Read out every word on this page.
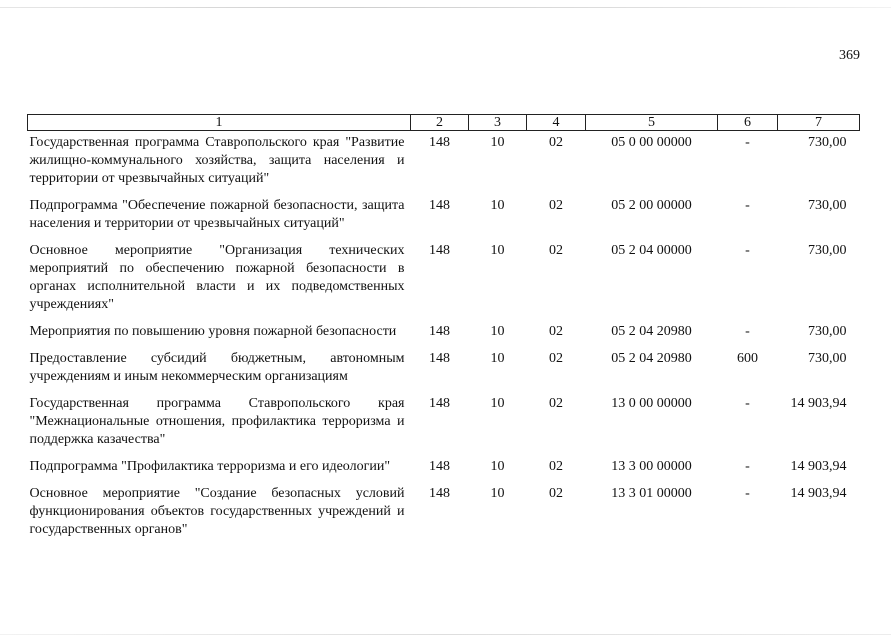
369
1	2	3	4	5	6	7
Государственная программа Ставропольского края "Развитие жилищно-коммунального хозяйства, защита населения и территории от чрезвычайных ситуаций"	148	10	02	05 0 00 00000	-	730,00
Подпрограмма "Обеспечение пожарной безопасности, защита населения и территории от чрезвычайных ситуаций"	148	10	02	05 2 00 00000	-	730,00
Основное мероприятие "Организация технических мероприятий по обеспечению пожарной безопасности в органах исполнительной власти и их подведомственных учреждениях"	148	10	02	05 2 04 00000	-	730,00
Мероприятия по повышению уровня пожарной безопасности	148	10	02	05 2 04 20980	-	730,00
Предоставление субсидий бюджетным, автономным учреждениям и иным некоммерческим организациям	148	10	02	05 2 04 20980	600	730,00
Государственная программа Ставропольского края "Межнациональные отношения, профилактика терроризма и поддержка казачества"	148	10	02	13 0 00 00000	-	14 903,94
Подпрограмма "Профилактика терроризма и его идеологии"	148	10	02	13 3 00 00000	-	14 903,94
Основное мероприятие "Создание безопасных условий функционирования объектов государственных учреждений и государственных органов"	148	10	02	13 3 01 00000	-	14 903,94
